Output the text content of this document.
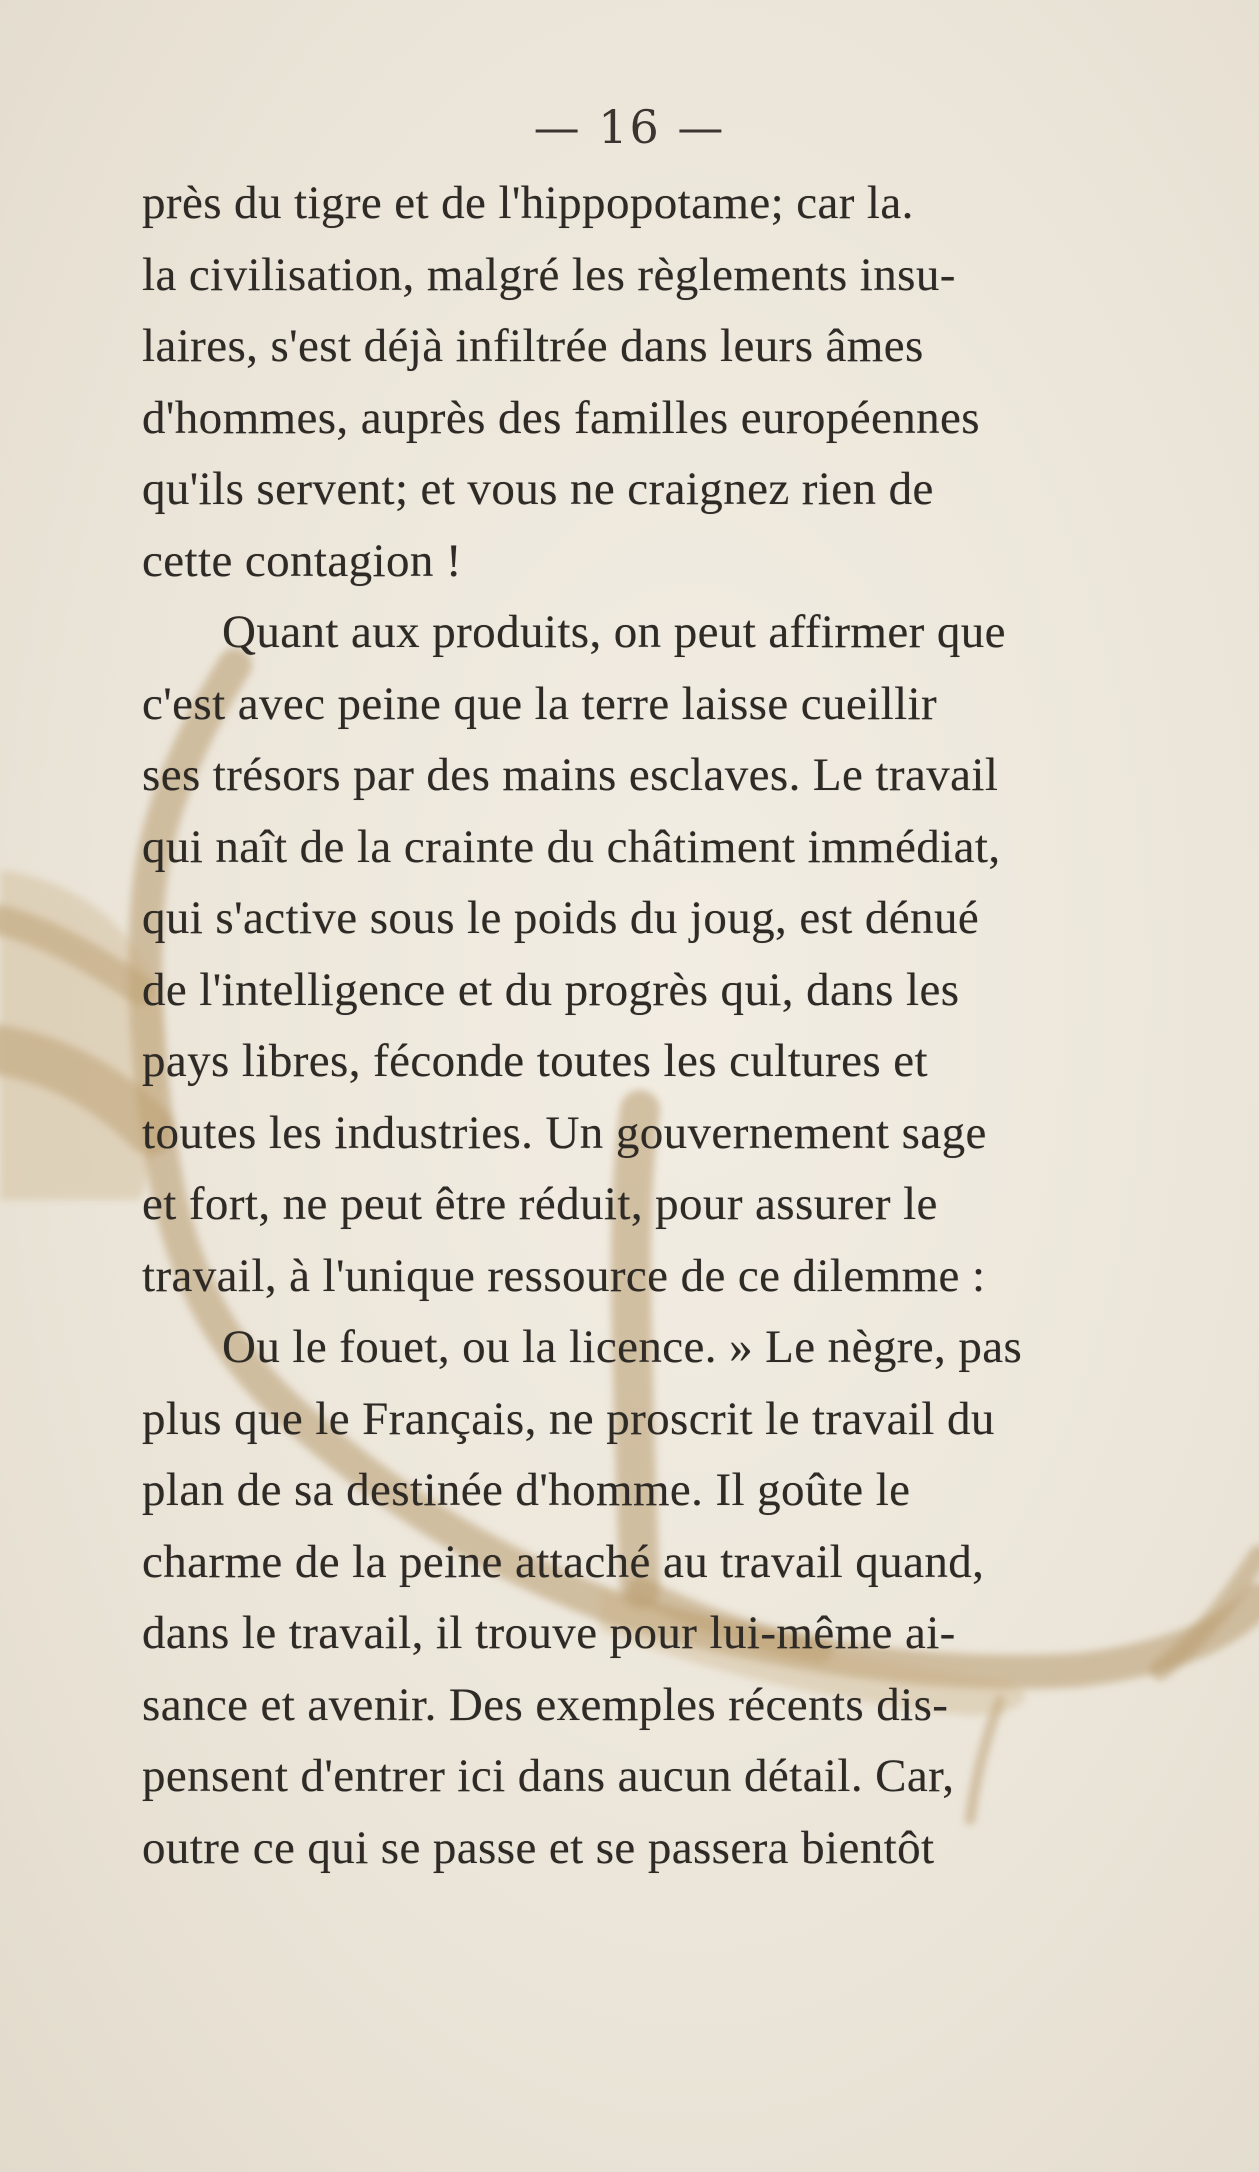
— 16 —
près du tigre et de l'hippopotame; car la.
la civilisation, malgré les règlements insu-
laires, s'est déjà infiltrée dans leurs âmes
d'hommes, auprès des familles européennes
qu'ils servent; et vous ne craignez rien de
cette contagion !
Quant aux produits, on peut affirmer que
c'est avec peine que la terre laisse cueillir
ses trésors par des mains esclaves. Le travail
qui naît de la crainte du châtiment immédiat,
qui s'active sous le poids du joug, est dénué
de l'intelligence et du progrès qui, dans les
pays libres, féconde toutes les cultures et
toutes les industries. Un gouvernement sage
et fort, ne peut être réduit, pour assurer le
travail, à l'unique ressource de ce dilemme :
Ou le fouet, ou la licence. » Le nègre, pas
plus que le Français, ne proscrit le travail du
plan de sa destinée d'homme. Il goûte le
charme de la peine attaché au travail quand,
dans le travail, il trouve pour lui-même ai-
sance et avenir. Des exemples récents dis-
pensent d'entrer ici dans aucun détail. Car,
outre ce qui se passe et se passera bientôt
